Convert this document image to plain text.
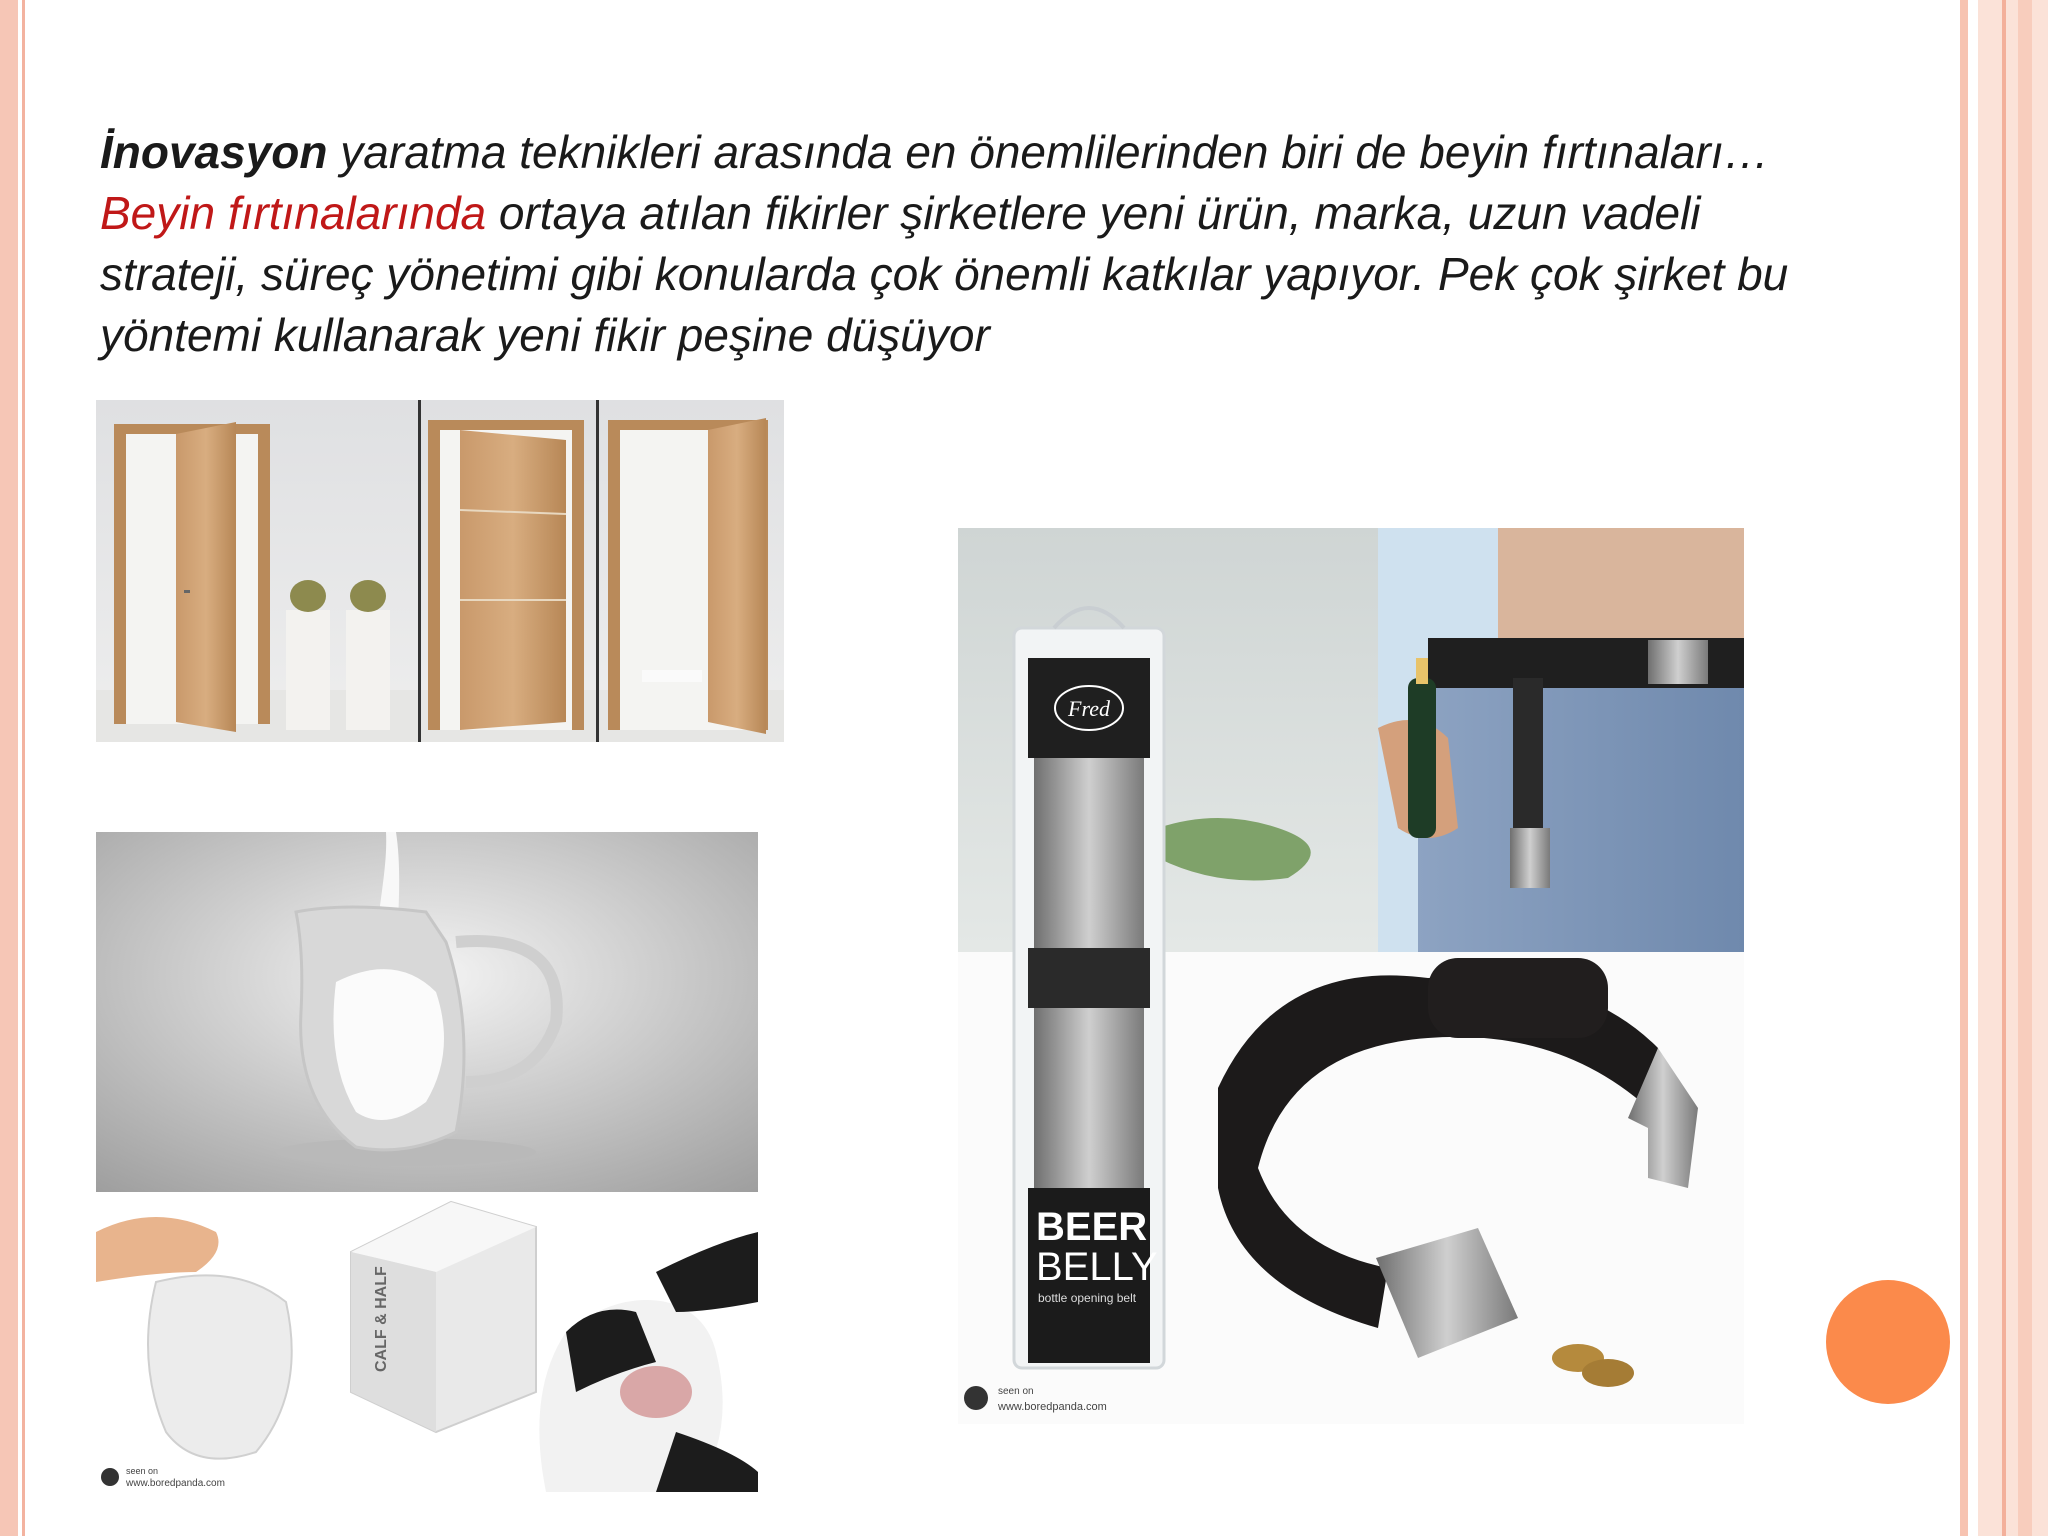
İnovasyon yaratma teknikleri arasında en önemlilerinden biri de beyin fırtınaları… Beyin fırtınalarında ortaya atılan fikirler şirketlere yeni ürün, marka, uzun vadeli strateji, süreç yönetimi gibi konularda çok önemli katkılar yapıyor. Pek çok şirket bu yöntemi kullanarak yeni fikir peşine düşüyor

CALF & HALF
seen on
www.boredpanda.com
Fred
BEER
BELLY
bottle opening belt
seen on
www.boredpanda.com
